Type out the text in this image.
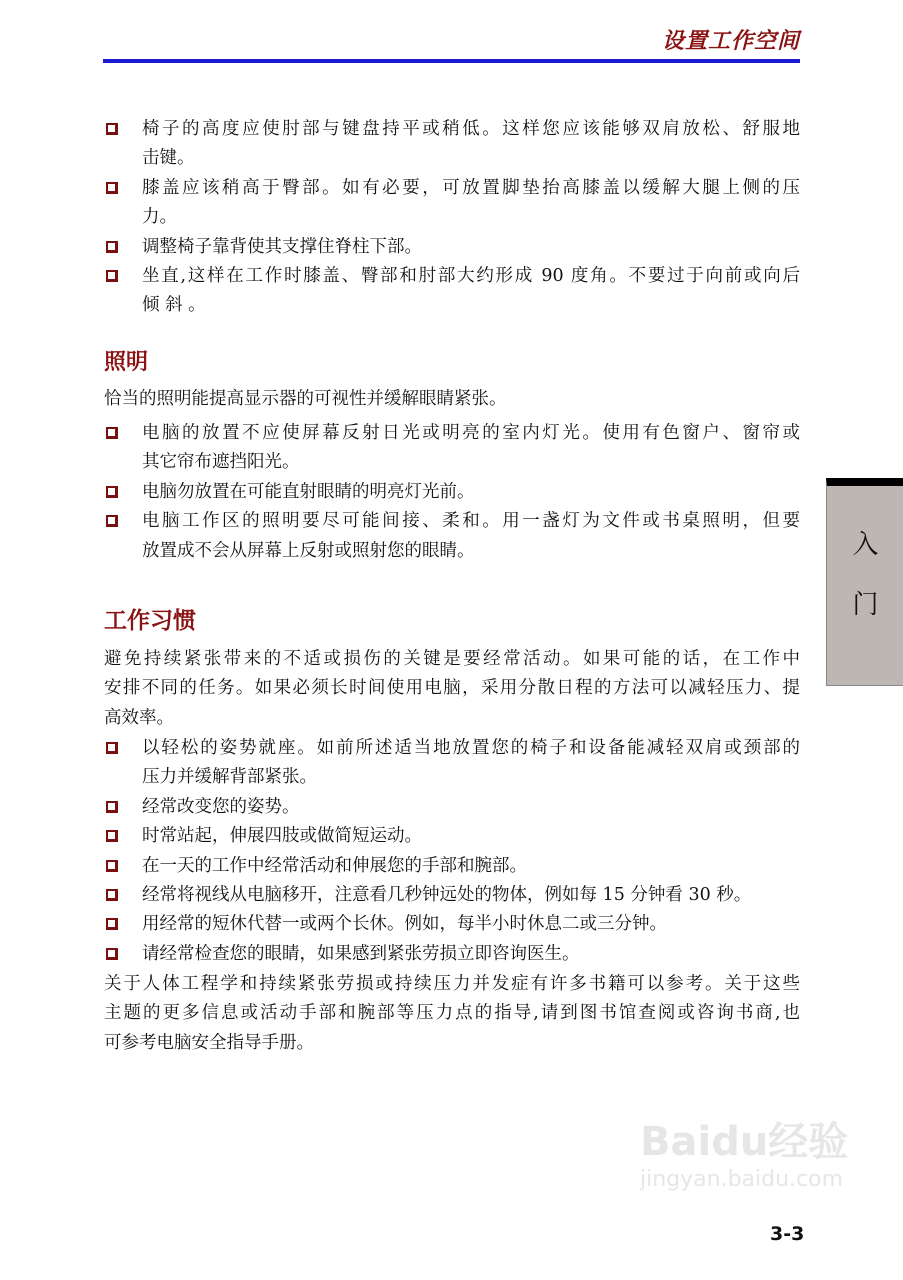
设置工作空间
椅子的高度应使肘部与键盘持平或稍低。这样您应该能够双肩放松、舒服地
击键。
膝盖应该稍高于臀部。如有必要，可放置脚垫抬高膝盖以缓解大腿上侧的压
力。
调整椅子靠背使其支撑住脊柱下部。
坐直,这样在工作时膝盖、臀部和肘部大约形成 90 度角。不要过于向前或向后
倾 斜 。
照明
恰当的照明能提高显示器的可视性并缓解眼睛紧张。
电脑的放置不应使屏幕反射日光或明亮的室内灯光。使用有色窗户、窗帘或
其它帘布遮挡阳光。
电脑勿放置在可能直射眼睛的明亮灯光前。
电脑工作区的照明要尽可能间接、柔和。用一盏灯为文件或书桌照明，但要
放置成不会从屏幕上反射或照射您的眼睛。
工作习惯
避免持续紧张带来的不适或损伤的关键是要经常活动。如果可能的话，在工作中
安排不同的任务。如果必须长时间使用电脑，采用分散日程的方法可以减轻压力、提
高效率。
以轻松的姿势就座。如前所述适当地放置您的椅子和设备能减轻双肩或颈部的
压力并缓解背部紧张。
经常改变您的姿势。
时常站起，伸展四肢或做简短运动。
在一天的工作中经常活动和伸展您的手部和腕部。
经常将视线从电脑移开，注意看几秒钟远处的物体，例如每 15 分钟看 30 秒。
用经常的短休代替一或两个长休。例如，每半小时休息二或三分钟。
请经常检查您的眼睛，如果感到紧张劳损立即咨询医生。
关于人体工程学和持续紧张劳损或持续压力并发症有许多书籍可以参考。关于这些
主题的更多信息或活动手部和腕部等压力点的指导,请到图书馆查阅或咨询书商,也
可参考电脑安全指导手册。
入
门
Baidu经验
jingyan.baidu.com
3-3
